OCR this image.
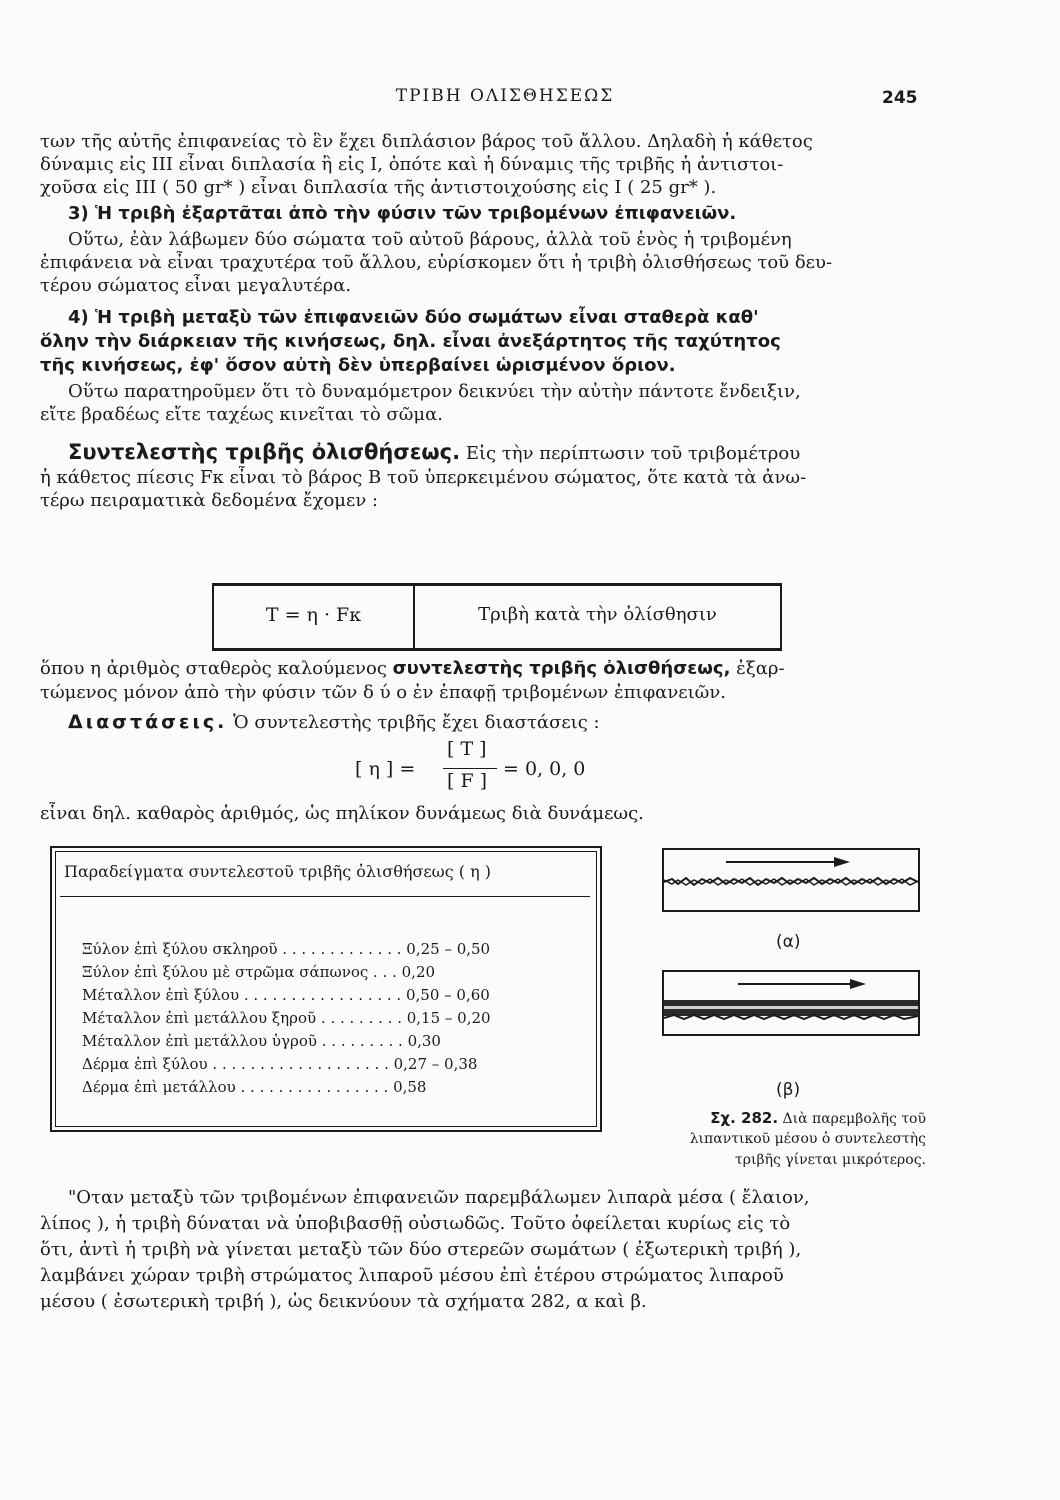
ΤΡΙΒΗ ΟΛΙΣΘΗΣΕΩΣ	245
των τῆς αὐτῆς ἐπιφανείας τὸ ἓν ἔχει διπλάσιον βάρος τοῦ ἄλλου. Δηλαδὴ ἡ κάθετος
δύναμις εἰς ΙΙΙ εἶναι διπλασία ἢ εἰς Ι, ὁπότε καὶ ἡ δύναμις τῆς τριβῆς ἡ ἀντιστοι-
χοῦσα εἰς ΙΙΙ ( 50 gr* ) εἶναι διπλασία τῆς ἀντιστοιχούσης εἰς Ι ( 25 gr* ).
3) Ἡ τριβὴ ἐξαρτᾶται ἀπὸ τὴν φύσιν τῶν τριβομένων ἐπιφανειῶν.
Οὕτω, ἐὰν λάβωμεν δύο σώματα τοῦ αὐτοῦ βάρους, ἀλλὰ τοῦ ἑνὸς ἡ τριβομένη
ἐπιφάνεια νὰ εἶναι τραχυτέρα τοῦ ἄλλου, εὑρίσκομεν ὅτι ἡ τριβὴ ὀλισθήσεως τοῦ δευ-
τέρου σώματος εἶναι μεγαλυτέρα.
4) Ἡ τριβὴ μεταξὺ τῶν ἐπιφανειῶν δύο σωμάτων εἶναι σταθερὰ καθ'
ὅλην τὴν διάρκειαν τῆς κινήσεως, δηλ. εἶναι ἀνεξάρτητος τῆς ταχύτητος
τῆς κινήσεως, ἐφ' ὅσον αὐτὴ δὲν ὑπερβαίνει ὡρισμένον ὅριον.
Οὕτω παρατηροῦμεν ὅτι τὸ δυναμόμετρον δεικνύει τὴν αὐτὴν πάντοτε ἔνδειξιν,
εἴτε βραδέως εἴτε ταχέως κινεῖται τὸ σῶμα.
Συντελεστὴς τριβῆς ὀλισθήσεως. Εἰς τὴν περίπτωσιν τοῦ τριβομέτρου
ἡ κάθετος πίεσις Fκ εἶναι τὸ βάρος Β τοῦ ὑπερκειμένου σώματος, ὅτε κατὰ τὰ ἀνω-
τέρω πειραματικὰ δεδομένα ἔχομεν :
T = η · Fκ	Τριβὴ κατὰ τὴν ὀλίσθησιν
ὅπου η ἀριθμὸς σταθερὸς καλούμενος συντελεστὴς τριβῆς ὀλισθήσεως, ἐξαρ-
τώμενος μόνον ἀπὸ τὴν φύσιν τῶν δ ύ ο ἐν ἐπαφῇ τριβομένων ἐπιφανειῶν.
Διαστάσεις. Ὁ συντελεστὴς τριβῆς ἔχει διαστάσεις :
[ η ] =
[ T ]
[ F ]
= 0, 0, 0
εἶναι δηλ. καθαρὸς ἀριθμός, ὡς πηλίκον δυνάμεως διὰ δυνάμεως.
Παραδείγματα συντελεστοῦ τριβῆς ὀλισθήσεως ( η )
Ξύλον ἐπὶ ξύλου σκληροῦ . . . . . . . . . . . . . 0,25 – 0,50
Ξύλον ἐπὶ ξύλου μὲ στρῶμα σάπωνος . . . 0,20
Μέταλλον ἐπὶ ξύλου . . . . . . . . . . . . . . . . . 0,50 – 0,60
Μέταλλον ἐπὶ μετάλλου ξηροῦ . . . . . . . . . 0,15 – 0,20
Μέταλλον ἐπὶ μετάλλου ὑγροῦ . . . . . . . . . 0,30
Δέρμα ἐπὶ ξύλου . . . . . . . . . . . . . . . . . . . 0,27 – 0,38
Δέρμα ἐπὶ μετάλλου . . . . . . . . . . . . . . . . 0,58
(α)
(β)
Σχ. 282. Διὰ παρεμβολῆς τοῦ
λιπαντικοῦ μέσου ὁ συντελεστὴς
τριβῆς γίνεται μικρότερος.
"Οταν μεταξὺ τῶν τριβομένων ἐπιφανειῶν παρεμβάλωμεν λιπαρὰ μέσα ( ἔλαιον,
λίπος ), ἡ τριβὴ δύναται νὰ ὑποβιβασθῇ οὐσιωδῶς. Τοῦτο ὀφείλεται κυρίως εἰς τὸ
ὅτι, ἀντὶ ἡ τριβὴ νὰ γίνεται μεταξὺ τῶν δύο στερεῶν σωμάτων ( ἐξωτερικὴ τριβή ),
λαμβάνει χώραν τριβὴ στρώματος λιπαροῦ μέσου ἐπὶ ἑτέρου στρώματος λιπαροῦ
μέσου ( ἐσωτερικὴ τριβή ), ὡς δεικνύουν τὰ σχήματα 282, α καὶ β.
